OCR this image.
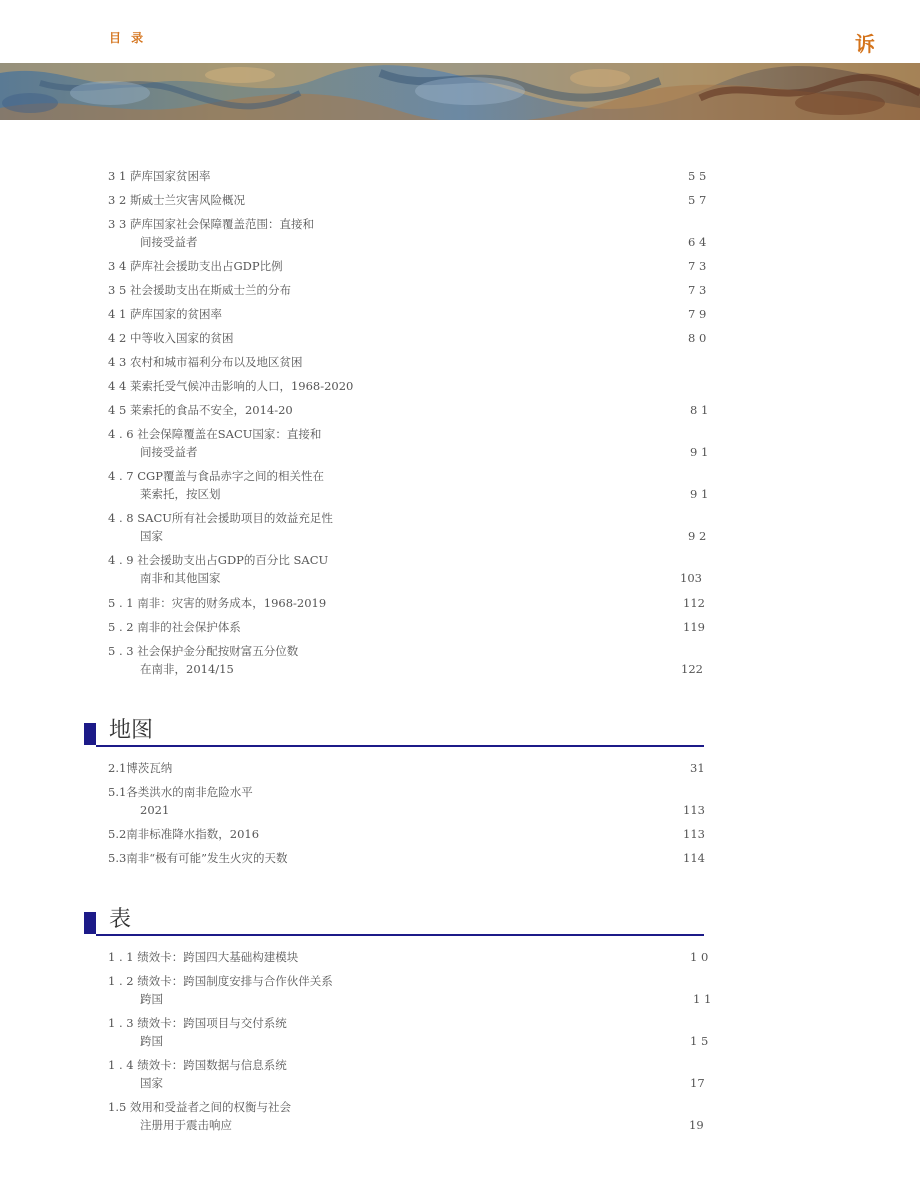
目 录	诉
3 1 萨库国家贫困率	5 5
3 2 斯威士兰灾害风险概况	5 7
3 3 萨库国家社会保障覆盖范围：直接和
间接受益者	6 4
3 4 萨库社会援助支出占GDP比例	7 3
3 5 社会援助支出在斯威士兰的分布	7 3
4 1 萨库国家的贫困率	7 9
4 2 中等收入国家的贫困	8 0
4 3 农村和城市福利分布以及地区贫困
4 4 莱索托受气候冲击影响的人口，1968-2020
4 5 莱索托的食品不安全，2014-20	8 1
4 . 6 社会保障覆盖在SACU国家：直接和
间接受益者	9 1
4 . 7 CGP覆盖与食品赤字之间的相关性在
莱索托，按区划	9 1
4 . 8 SACU所有社会援助项目的效益充足性
国家	9 2
4 . 9 社会援助支出占GDP的百分比 SACU
南非和其他国家	103
5 . 1 南非：灾害的财务成本，1968-2019	112
5 . 2 南非的社会保护体系	119
5 . 3 社会保护金分配按财富五分位数
在南非，2014/15	122
地图
2.1博茨瓦纳	31
5.1各类洪水的南非危险水平
2021	113
5.2南非标准降水指数，2016	113
5.3南非“极有可能”发生火灾的天数	114
表
1 . 1 绩效卡：跨国四大基础构建模块	1 0
1 . 2 绩效卡：跨国制度安排与合作伙伴关系
跨国	1 1
1 . 3 绩效卡：跨国项目与交付系统
跨国	1 5
1 . 4 绩效卡：跨国数据与信息系统
国家	17
1.5 效用和受益者之间的权衡与社会
注册用于震击响应	19
